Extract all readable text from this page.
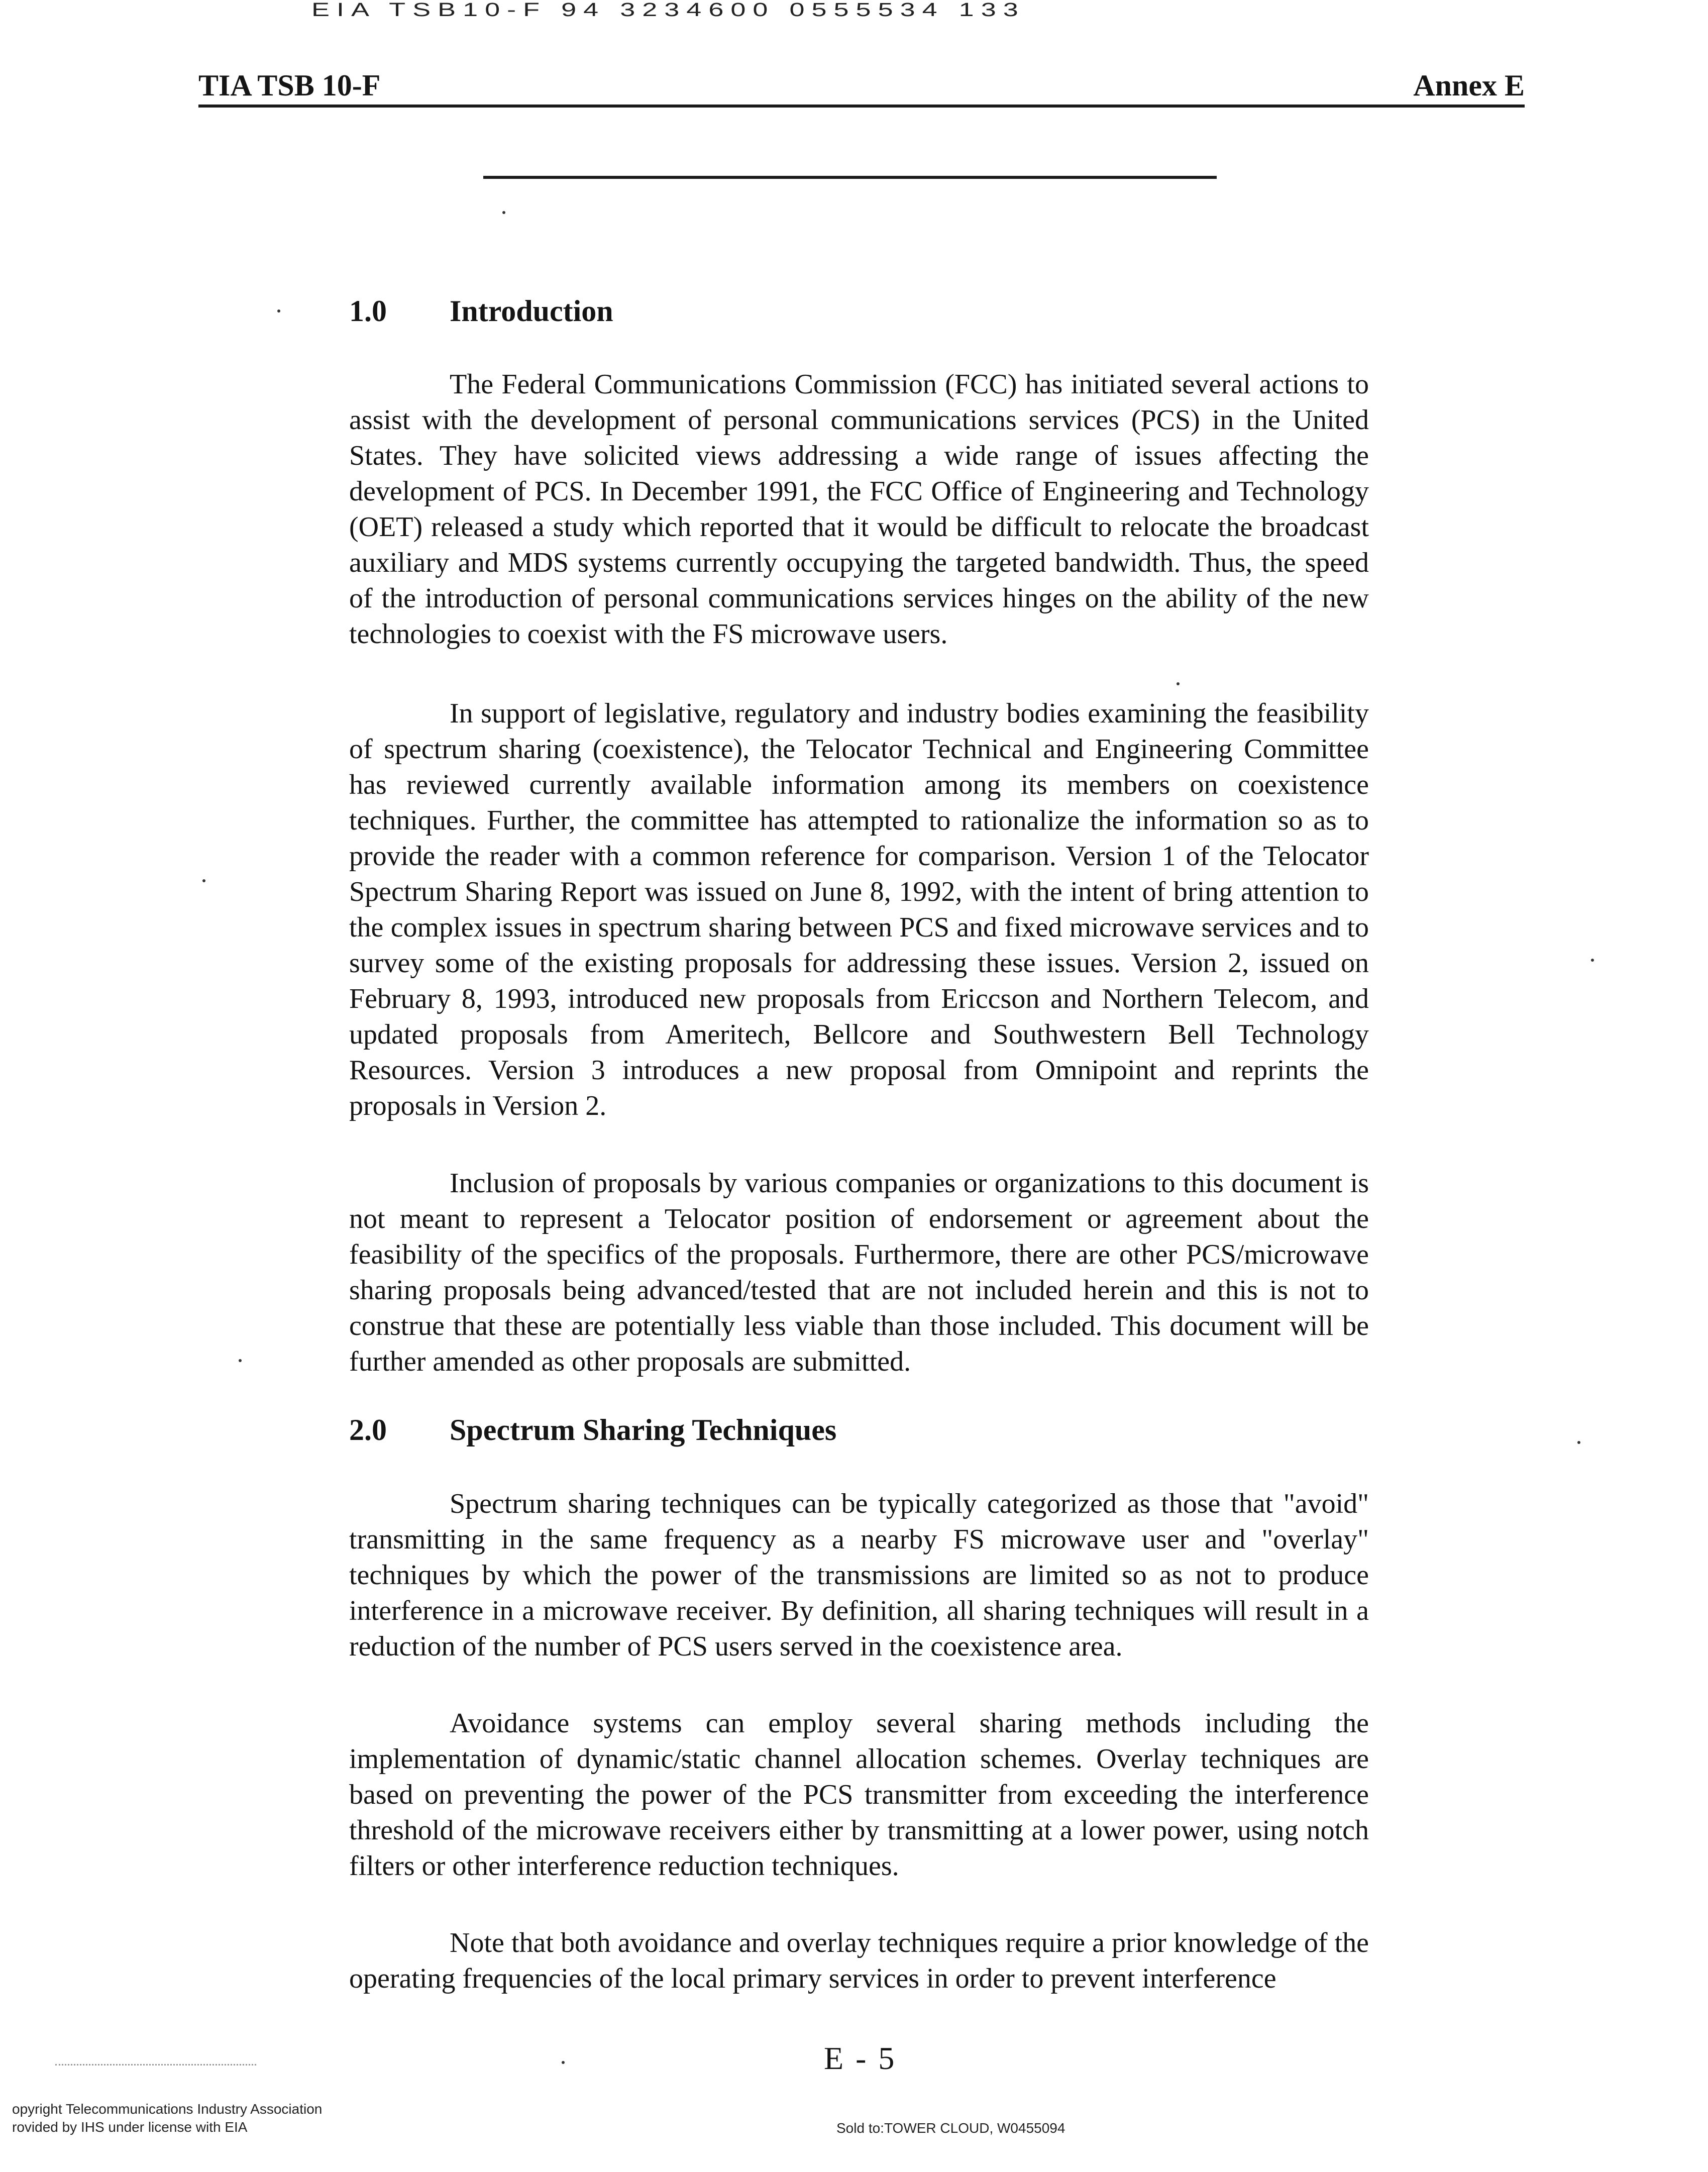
EIA TSB10-F 94 3234600 0555534 133
TIA TSB 10-F	Annex E
1.0 Introduction

The Federal Communications Commission (FCC) has initiated several actions to assist with the development of personal communications services (PCS) in the United States. They have solicited views addressing a wide range of issues affecting the development of PCS. In December 1991, the FCC Office of Engineering and Technology (OET) released a study which reported that it would be difficult to relocate the broadcast auxiliary and MDS systems currently occupying the targeted bandwidth. Thus, the speed of the introduction of personal communications services hinges on the ability of the new technologies to coexist with the FS microwave users.

In support of legislative, regulatory and industry bodies examining the feasibility of spectrum sharing (coexistence), the Telocator Technical and Engineering Committee has reviewed currently available information among its members on coexistence techniques. Further, the committee has attempted to rationalize the information so as to provide the reader with a common reference for comparison. Version 1 of the Telocator Spectrum Sharing Report was issued on June 8, 1992, with the intent of bring attention to the complex issues in spectrum sharing between PCS and fixed microwave services and to survey some of the existing proposals for addressing these issues. Version 2, issued on February 8, 1993, introduced new proposals from Ericcson and Northern Telecom, and updated proposals from Ameritech, Bellcore and Southwestern Bell Technology Resources. Version 3 introduces a new proposal from Omnipoint and reprints the proposals in Version 2.

Inclusion of proposals by various companies or organizations to this document is not meant to represent a Telocator position of endorsement or agreement about the feasibility of the specifics of the proposals. Furthermore, there are other PCS/microwave sharing proposals being advanced/tested that are not included herein and this is not to construe that these are potentially less viable than those included. This document will be further amended as other proposals are submitted.

2.0 Spectrum Sharing Techniques

Spectrum sharing techniques can be typically categorized as those that "avoid" transmitting in the same frequency as a nearby FS microwave user and "overlay" techniques by which the power of the transmissions are limited so as not to produce interference in a microwave receiver. By definition, all sharing techniques will result in a reduction of the number of PCS users served in the coexistence area.

Avoidance systems can employ several sharing methods including the implementation of dynamic/static channel allocation schemes. Overlay techniques are based on preventing the power of the PCS transmitter from exceeding the interference threshold of the microwave receivers either by transmitting at a lower power, using notch filters or other interference reduction techniques.

Note that both avoidance and overlay techniques require a prior knowledge of the operating frequencies of the local primary services in order to prevent interference

E - 5
opyright Telecommunications Industry Association
rovided by IHS under license with EIA	Sold to:TOWER CLOUD, W0455094
